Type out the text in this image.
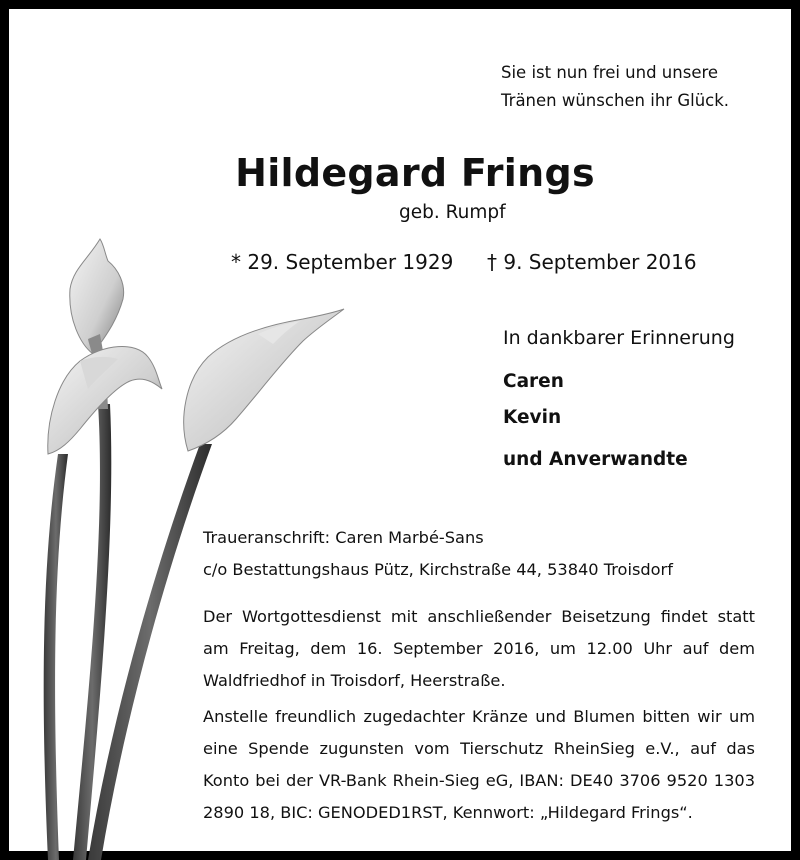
Sie ist nun frei und unsere
Tränen wünschen ihr Glück.
Hildegard Frings
geb. Rumpf
* 29. September 1929 † 9. September 2016
In dankbarer Erinnerung
Caren
Kevin
und Anverwandte
Traueranschrift: Caren Marbé-Sans
c/o Bestattungshaus Pütz, Kirchstraße 44, 53840 Troisdorf
Der Wortgottesdienst mit anschließender Beisetzung findet statt am Freitag, dem 16. September 2016, um 12.00 Uhr auf dem Waldfriedhof in Troisdorf, Heerstraße.
Anstelle freundlich zugedachter Kränze und Blumen bitten wir um eine Spende zugunsten vom Tierschutz RheinSieg e.V., auf das Konto bei der VR-Bank Rhein-Sieg eG, IBAN: DE40 3706 9520 1303 2890 18, BIC: GENODED1RST, Kennwort: „Hildegard Frings“.
